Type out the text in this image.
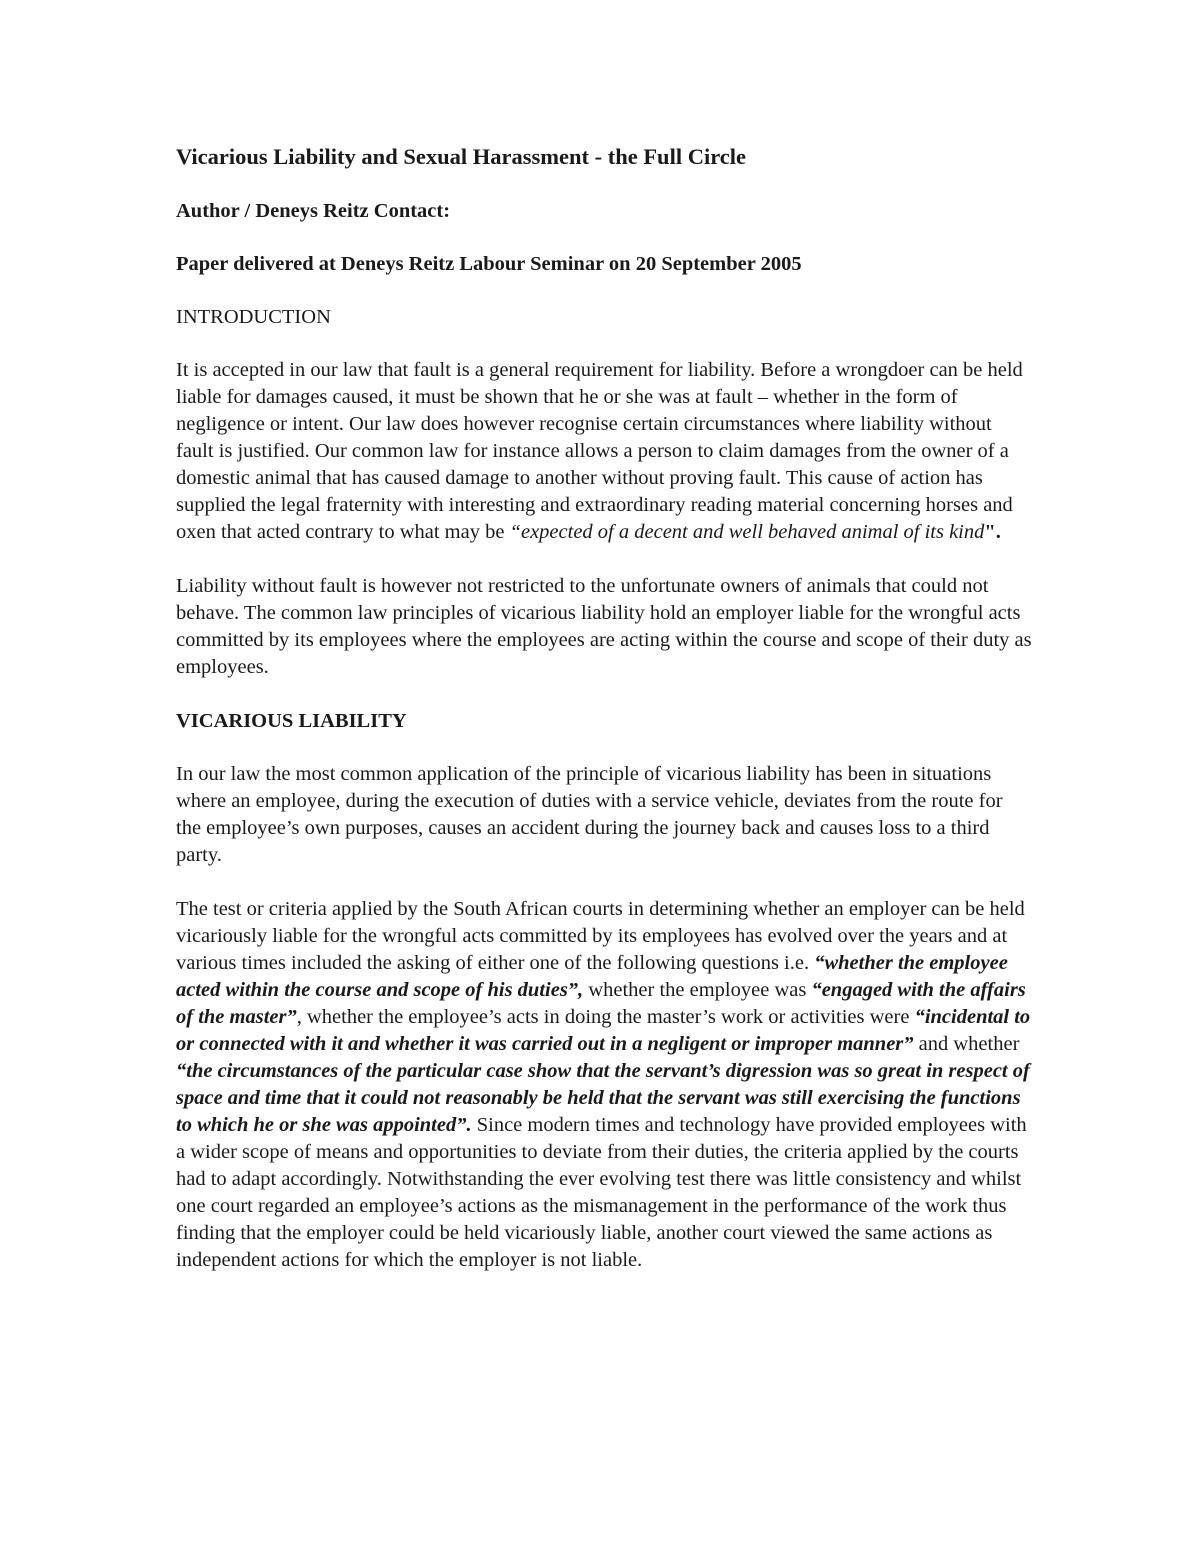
Vicarious Liability and Sexual Harassment - the Full Circle
Author / Deneys Reitz Contact:
Paper delivered at Deneys Reitz Labour Seminar on 20 September 2005
INTRODUCTION

It is accepted in our law that fault is a general requirement for liability. Before a wrongdoer can be held liable for damages caused, it must be shown that he or she was at fault – whether in the form of negligence or intent. Our law does however recognise certain circumstances where liability without fault is justified. Our common law for instance allows a person to claim damages from the owner of a domestic animal that has caused damage to another without proving fault. This cause of action has supplied the legal fraternity with interesting and extraordinary reading material concerning horses and oxen that acted contrary to what may be “expected of a decent and well behaved animal of its kind".

Liability without fault is however not restricted to the unfortunate owners of animals that could not behave. The common law principles of vicarious liability hold an employer liable for the wrongful acts committed by its employees where the employees are acting within the course and scope of their duty as employees.

VICARIOUS LIABILITY

In our law the most common application of the principle of vicarious liability has been in situations where an employee, during the execution of duties with a service vehicle, deviates from the route for the employee’s own purposes, causes an accident during the journey back and causes loss to a third party.

The test or criteria applied by the South African courts in determining whether an employer can be held vicariously liable for the wrongful acts committed by its employees has evolved over the years and at various times included the asking of either one of the following questions i.e. “whether the employee acted within the course and scope of his duties”, whether the employee was “engaged with the affairs of the master”, whether the employee’s acts in doing the master’s work or activities were “incidental to or connected with it and whether it was carried out in a negligent or improper manner” and whether “the circumstances of the particular case show that the servant’s digression was so great in respect of space and time that it could not reasonably be held that the servant was still exercising the functions to which he or she was appointed”. Since modern times and technology have provided employees with a wider scope of means and opportunities to deviate from their duties, the criteria applied by the courts had to adapt accordingly. Notwithstanding the ever evolving test there was little consistency and whilst one court regarded an employee’s actions as the mismanagement in the performance of the work thus finding that the employer could be held vicariously liable, another court viewed the same actions as independent actions for which the employer is not liable.
